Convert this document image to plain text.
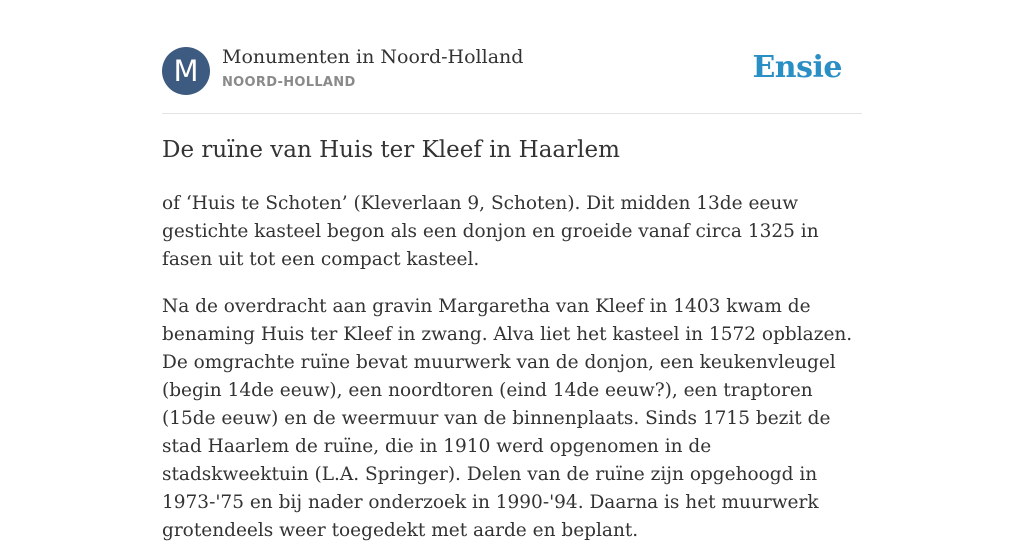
M	Monumenten in Noord-Holland
NOORD-HOLLAND	Ensie
De ruïne van Huis ter Kleef in Haarlem

of ‘Huis te Schoten’ (Kleverlaan 9, Schoten). Dit midden 13de eeuw gestichte kasteel begon als een donjon en groeide vanaf circa 1325 in fasen uit tot een compact kasteel.

Na de overdracht aan gravin Margaretha van Kleef in 1403 kwam de benaming Huis ter Kleef in zwang. Alva liet het kasteel in 1572 opblazen. De omgrachte ruïne bevat muurwerk van de donjon, een keukenvleugel (begin 14de eeuw), een noordtoren (eind 14de eeuw?), een traptoren (15de eeuw) en de weermuur van de binnenplaats. Sinds 1715 bezit de stad Haarlem de ruïne, die in 1910 werd opgenomen in de stadskweektuin (L.A. Springer). Delen van de ruïne zijn opgehoogd in 1973-'75 en bij nader onderzoek in 1990-'94. Daarna is het muurwerk grotendeels weer toegedekt met aarde en beplant.
